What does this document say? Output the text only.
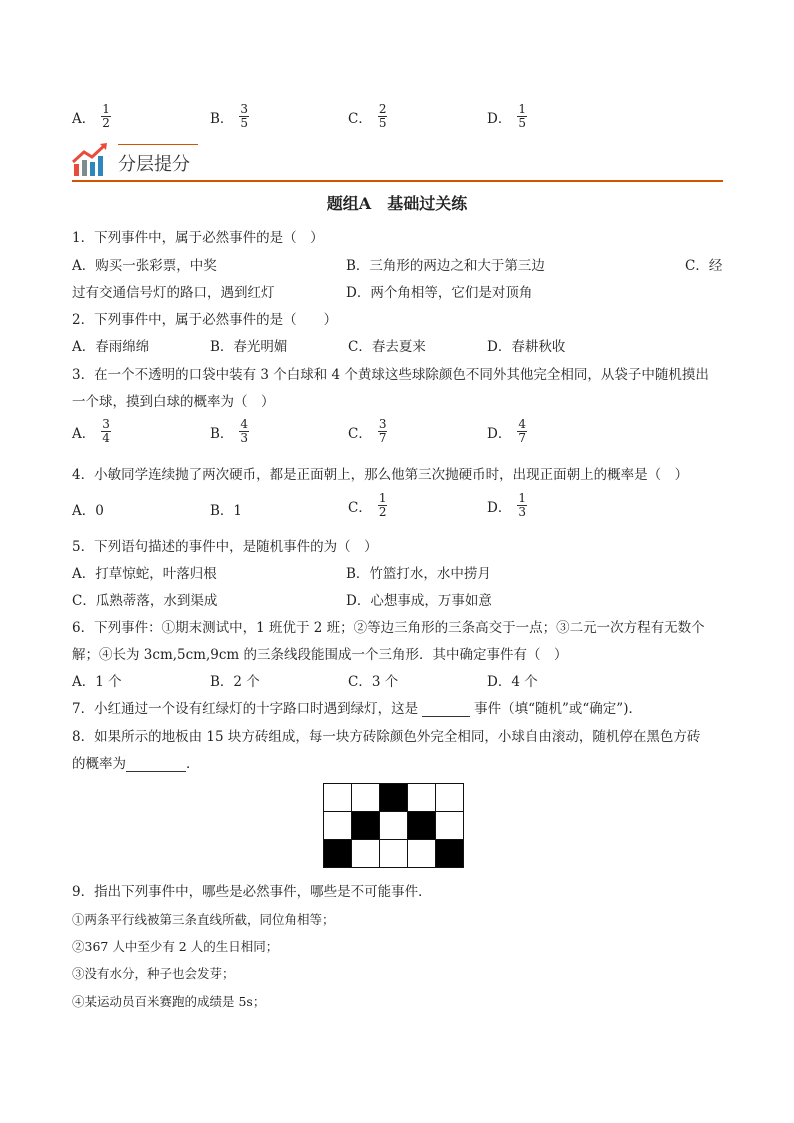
A． $\frac{1}{2}$	B． $\frac{3}{5}$	C． $\frac{2}{5}$	D． $\frac{1}{5}$
分层提分
题组A　基础过关练
1．下列事件中，属于必然事件的是（　）
A．购买一张彩票，中奖	B．三角形的两边之和大于第三边	C．经
过有交通信号灯的路口，遇到红灯	D．两个角相等，它们是对顶角
2．下列事件中，属于必然事件的是（　　）
A．春雨绵绵	B．春光明媚	C．春去夏来	D．春耕秋收
3．在一个不透明的口袋中装有 3 个白球和 4 个黄球这些球除颜色不同外其他完全相同，从袋子中随机摸出
一个球，摸到白球的概率为（　）
A． $\frac{3}{4}$	B． $\frac{4}{3}$	C． $\frac{3}{7}$	D． $\frac{4}{7}$
4．小敏同学连续抛了两次硬币，都是正面朝上，那么他第三次抛硬币时，出现正面朝上的概率是（　）
A．0	B．1	C． $\frac{1}{2}$	D． $\frac{1}{3}$
5．下列语句描述的事件中，是随机事件的为（　）
A．打草惊蛇，叶落归根	B．竹篮打水，水中捞月
C．瓜熟蒂落，水到渠成	D．心想事成，万事如意
6．下列事件：①期末测试中，1 班优于 2 班；②等边三角形的三条高交于一点；③二元一次方程有无数个
解；④长为 3cm,5cm,9cm 的三条线段能围成一个三角形．其中确定事件有（　）
A．1 个	B．2 个	C．3 个	D．4 个
7．小红通过一个设有红绿灯的十字路口时遇到绿灯，这是	事件（填“随机”或“确定”)．
8．如果所示的地板由 15 块方砖组成，每一块方砖除颜色外完全相同，小球自由滚动，随机停在黑色方砖
的概率为	．

9．指出下列事件中，哪些是必然事件，哪些是不可能事件．
①两条平行线被第三条直线所截，同位角相等；
②367 人中至少有 2 人的生日相同；
③没有水分，种子也会发芽；
④某运动员百米赛跑的成绩是 5s；
